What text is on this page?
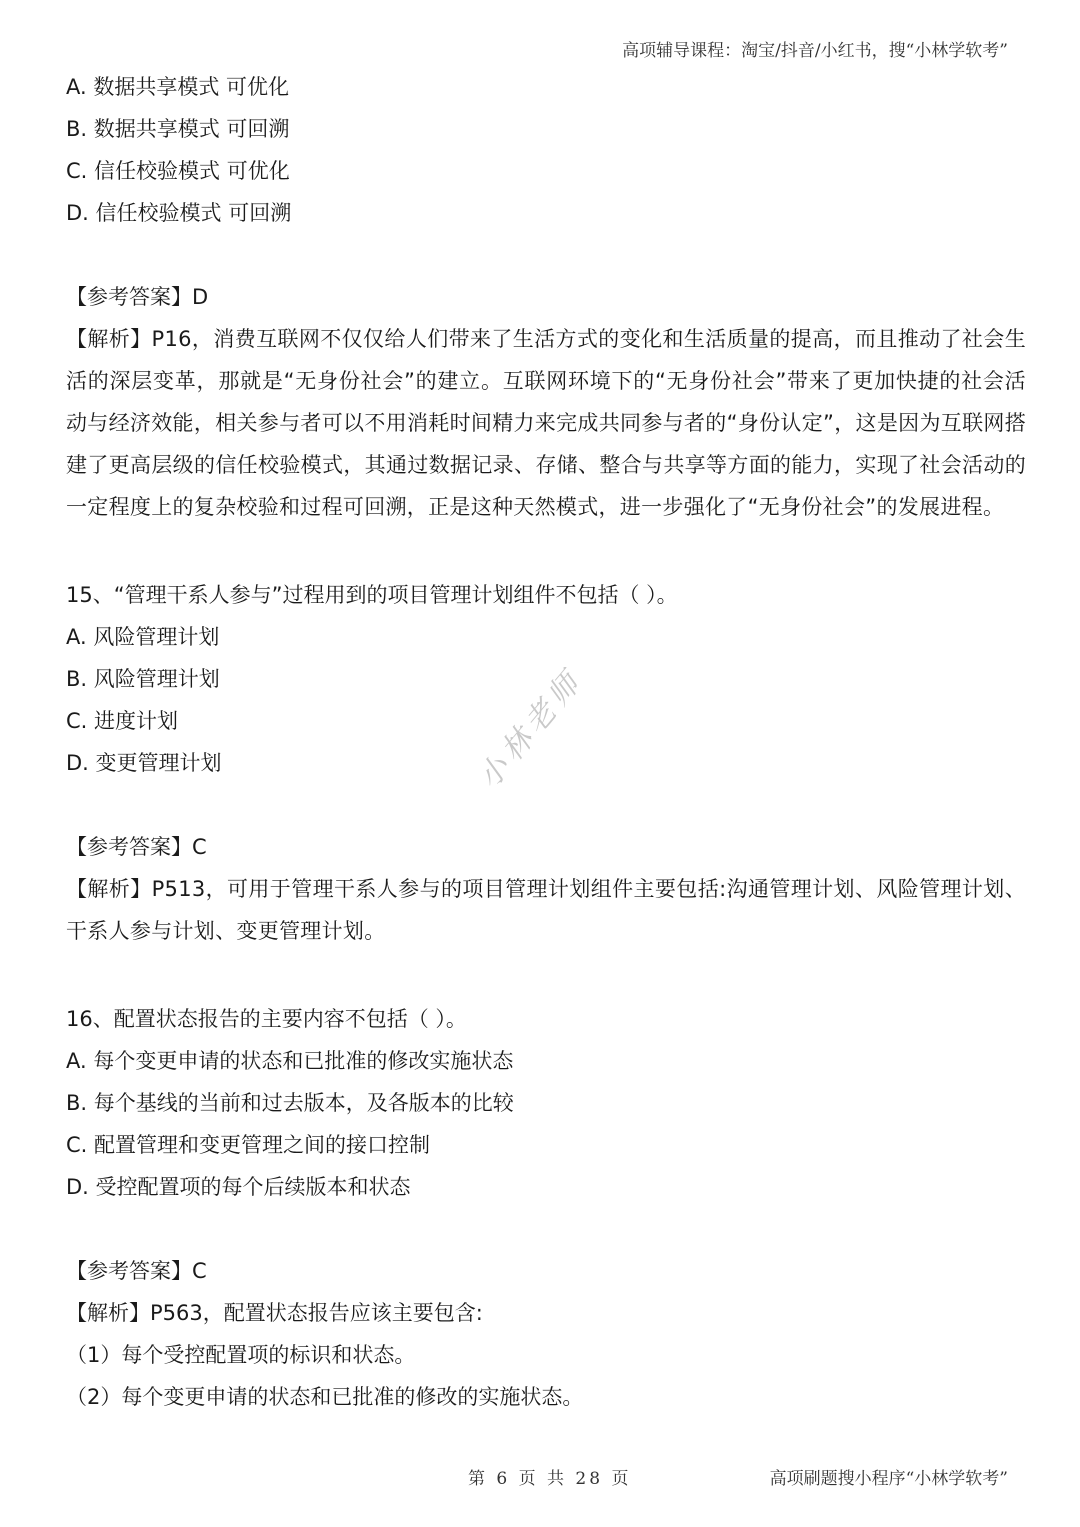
高项辅导课程：淘宝/抖音/小红书，搜“小林学软考”
A. 数据共享模式 可优化
B. 数据共享模式 可回溯
C. 信任校验模式 可优化
D. 信任校验模式 可回溯
【参考答案】D
【解析】P16，消费互联网不仅仅给人们带来了生活方式的变化和生活质量的提高，而且推动了社会生活的深层变革，那就是“无身份社会”的建立。互联网环境下的“无身份社会”带来了更加快捷的社会活动与经济效能，相关参与者可以不用消耗时间精力来完成共同参与者的“身份认定”，这是因为互联网搭建了更高层级的信任校验模式，其通过数据记录、存储、整合与共享等方面的能力，实现了社会活动的一定程度上的复杂校验和过程可回溯，正是这种天然模式，进一步强化了“无身份社会”的发展进程。
15、“管理干系人参与”过程用到的项目管理计划组件不包括（ ）。
A. 风险管理计划
B. 风险管理计划
C. 进度计划
D. 变更管理计划
【参考答案】C
【解析】P513，可用于管理干系人参与的项目管理计划组件主要包括:沟通管理计划、风险管理计划、干系人参与计划、变更管理计划。
16、配置状态报告的主要内容不包括（ ）。
A. 每个变更申请的状态和已批准的修改实施状态
B. 每个基线的当前和过去版本，及各版本的比较
C. 配置管理和变更管理之间的接口控制
D. 受控配置项的每个后续版本和状态
【参考答案】C
【解析】P563，配置状态报告应该主要包含:
（1）每个受控配置项的标识和状态。
（2）每个变更申请的状态和已批准的修改的实施状态。
小林老师
第 6 页 共 28 页	高项刷题搜小程序“小林学软考”
